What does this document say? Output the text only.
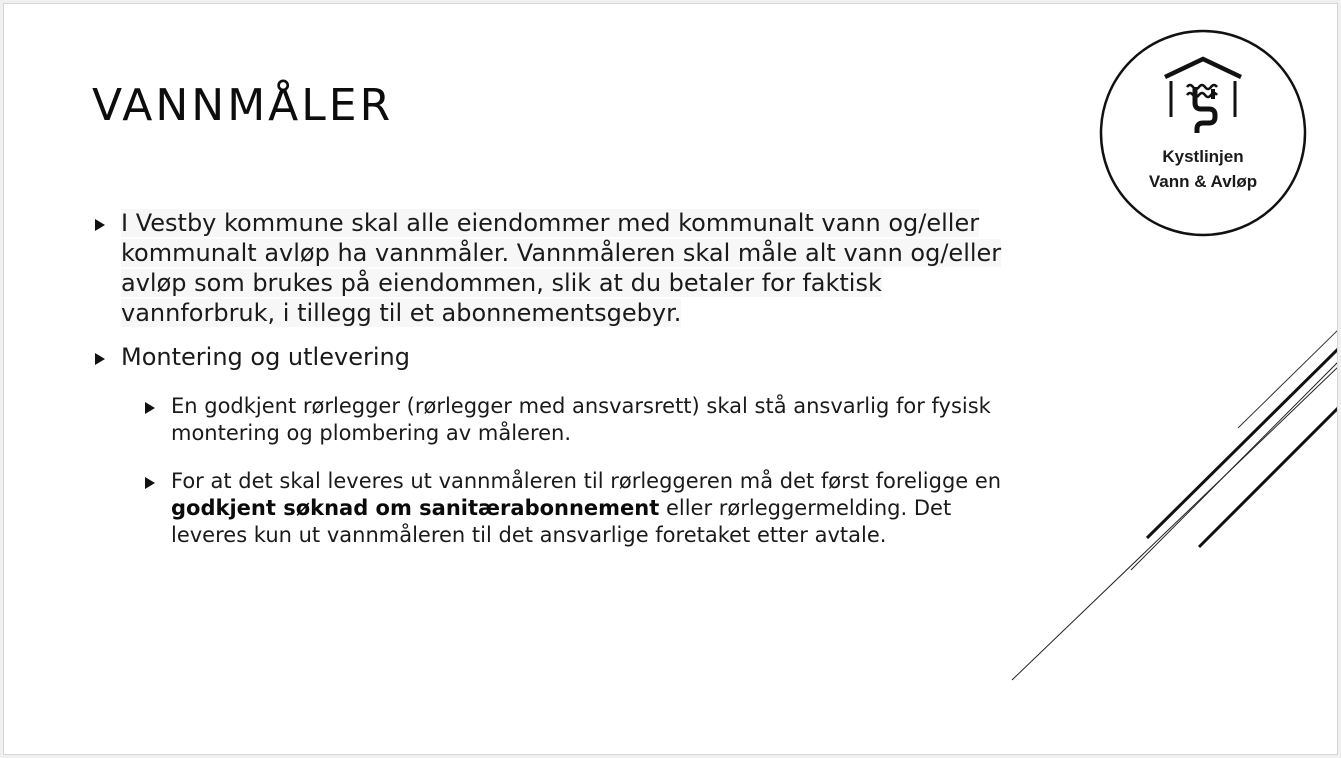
VANNMÅLER

I Vestby kommune skal alle eiendommer med kommunalt vann og/eller kommunalt avløp ha vannmåler. Vannmåleren skal måle alt vann og/eller avløp som brukes på eiendommen, slik at du betaler for faktisk vannforbruk, i tillegg til et abonnementsgebyr.

Montering og utlevering

En godkjent rørlegger (rørlegger med ansvarsrett) skal stå ansvarlig for fysisk montering og plombering av måleren.

For at det skal leveres ut vannmåleren til rørleggeren må det først foreligge en godkjent søknad om sanitærabonnement eller rørleggermelding. Det leveres kun ut vannmåleren til det ansvarlige foretaket etter avtale.

Kystlinjen
Vann & Avløp
